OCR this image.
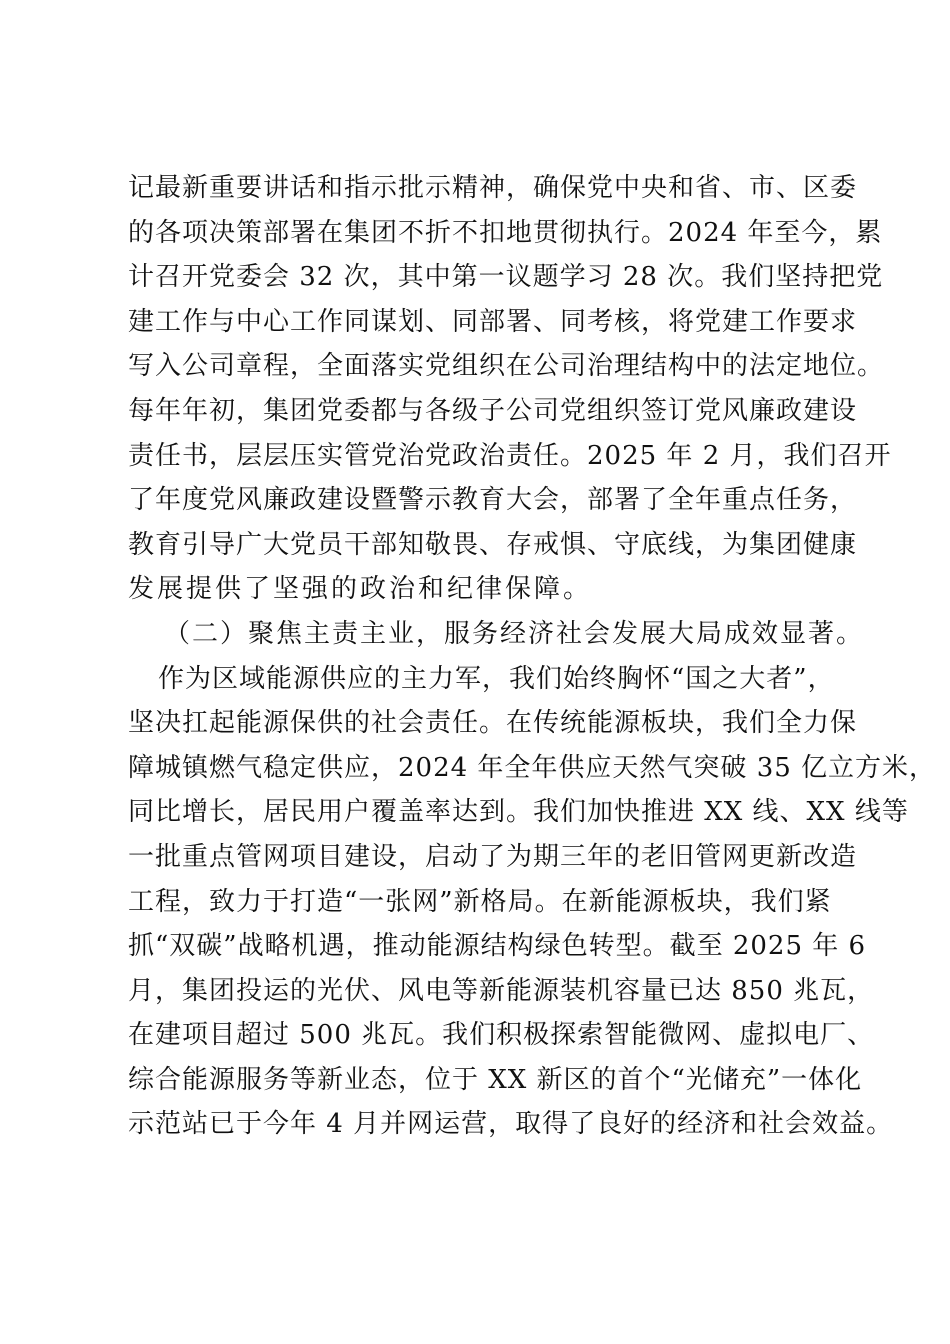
记最新重要讲话和指示批示精神，确保党中央和省、市、区委
的各项决策部署在集团不折不扣地贯彻执行。2024 年至今，累
计召开党委会 32 次，其中第一议题学习 28 次。我们坚持把党
建工作与中心工作同谋划、同部署、同考核，将党建工作要求
写入公司章程，全面落实党组织在公司治理结构中的法定地位。
每年年初，集团党委都与各级子公司党组织签订党风廉政建设
责任书，层层压实管党治党政治责任。2025 年 2 月，我们召开
了年度党风廉政建设暨警示教育大会，部署了全年重点任务，
教育引导广大党员干部知敬畏、存戒惧、守底线，为集团健康
发展提供了坚强的政治和纪律保障。
（二）聚焦主责主业，服务经济社会发展大局成效显著。
作为区域能源供应的主力军，我们始终胸怀“国之大者”，
坚决扛起能源保供的社会责任。在传统能源板块，我们全力保
障城镇燃气稳定供应，2024 年全年供应天然气突破 35 亿立方米，
同比增长，居民用户覆盖率达到。我们加快推进 XX 线、XX 线等
一批重点管网项目建设，启动了为期三年的老旧管网更新改造
工程，致力于打造“一张网”新格局。在新能源板块，我们紧
抓“双碳”战略机遇，推动能源结构绿色转型。截至 2025 年 6
月，集团投运的光伏、风电等新能源装机容量已达 850 兆瓦，
在建项目超过 500 兆瓦。我们积极探索智能微网、虚拟电厂、
综合能源服务等新业态，位于 XX 新区的首个“光储充”一体化
示范站已于今年 4 月并网运营，取得了良好的经济和社会效益。
